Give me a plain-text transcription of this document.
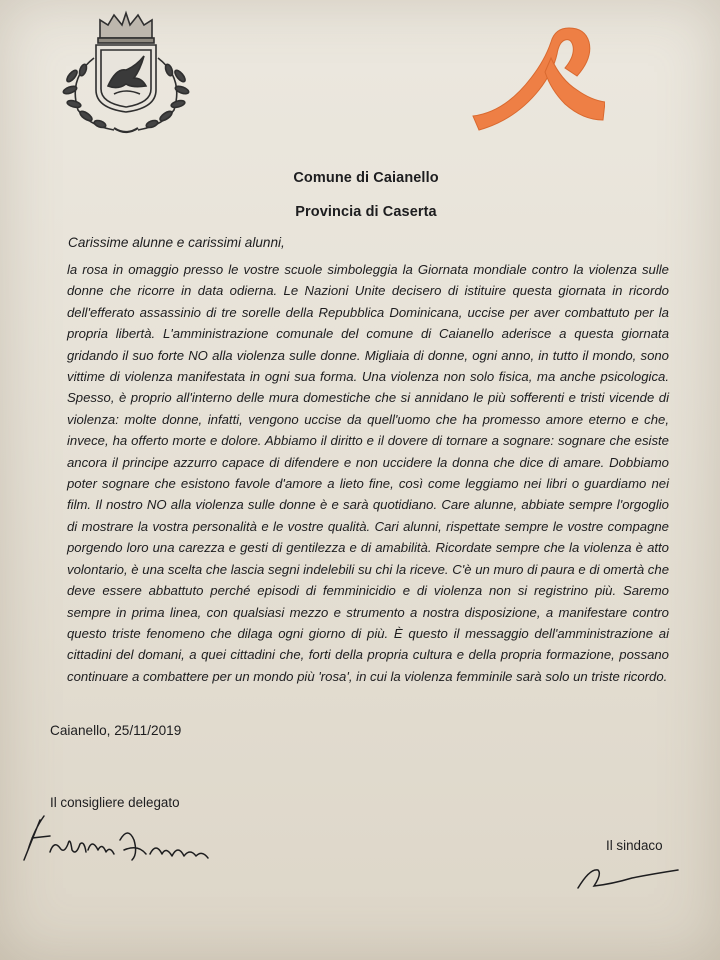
Comune di Caianello
Provincia di Caserta
Carissime alunne e carissimi alunni,

la rosa in omaggio presso le vostre scuole simboleggia la Giornata mondiale contro la violenza sulle donne che ricorre in data odierna. Le Nazioni Unite decisero di istituire questa giornata in ricordo dell'efferato assassinio di tre sorelle della Repubblica Dominicana, uccise per aver combattuto per la propria libertà. L'amministrazione comunale del comune di Caianello aderisce a questa giornata gridando il suo forte NO alla violenza sulle donne. Migliaia di donne, ogni anno, in tutto il mondo, sono vittime di violenza manifestata in ogni sua forma. Una violenza non solo fisica, ma anche psicologica. Spesso, è proprio all'interno delle mura domestiche che si annidano le più sofferenti e tristi vicende di violenza: molte donne, infatti, vengono uccise da quell'uomo che ha promesso amore eterno e che, invece, ha offerto morte e dolore. Abbiamo il diritto e il dovere di tornare a sognare: sognare che esiste ancora il principe azzurro capace di difendere e non uccidere la donna che dice di amare. Dobbiamo poter sognare che esistono favole d'amore a lieto fine, così come leggiamo nei libri o guardiamo nei film. Il nostro NO alla violenza sulle donne è e sarà quotidiano. Care alunne, abbiate sempre l'orgoglio di mostrare la vostra personalità e le vostre qualità. Cari alunni, rispettate sempre le vostre compagne porgendo loro una carezza e gesti di gentilezza e di amabilità. Ricordate sempre che la violenza è atto volontario, è una scelta che lascia segni indelebili su chi la riceve. C'è un muro di paura e di omertà che deve essere abbattuto perché episodi di femminicidio e di violenza non si registrino più. Saremo sempre in prima linea, con qualsiasi mezzo e strumento a nostra disposizione, a manifestare contro questo triste fenomeno che dilaga ogni giorno di più. È questo il messaggio dell'amministrazione ai cittadini del domani, a quei cittadini che, forti della propria cultura e della propria formazione, possano continuare a combattere per un mondo più 'rosa', in cui la violenza femminile sarà solo un triste ricordo.

Caianello, 25/11/2019
Il consigliere delegato
Il sindaco
